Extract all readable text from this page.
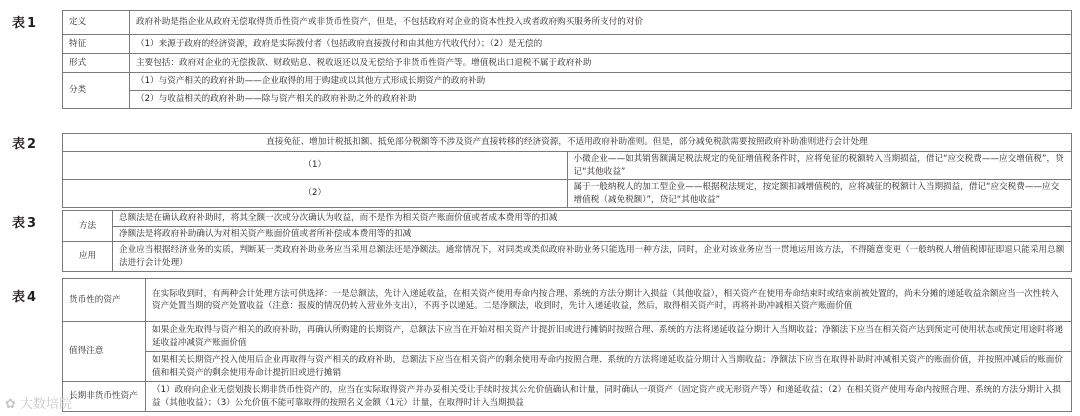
表1	定义	政府补助是指企业从政府无偿取得货币性资产或非货币性资产，但是，不包括政府对企业的资本性投入或者政府购买服务所支付的对价
特征	（1）来源于政府的经济资源，政府是实际拨付者（包括政府直接拨付和由其他方代收代付）；（2）是无偿的
形式	主要包括：政府对企业的无偿拨款、财政贴息、税收返还以及无偿给予非货币性资产等。增值税出口退税不属于政府补助
分类	（1）与资产相关的政府补助——企业取得的用于购建或以其他方式形成长期资产的政府补助
	（2）与收益相关的政府补助——除与资产相关的政府补助之外的政府补助
表2	直接免征、增加计税抵扣额、抵免部分税额等不涉及资产直接转移的经济资源，不适用政府补助准则。但是，部分减免税款需要按照政府补助准则进行会计处理	
（1）	小微企业——如其销售额满足税法规定的免征增值税条件时，应将免征的税额转入当期损益，借记“应交税费——应交增值税”，贷记“其他收益”
（2）	属于一般纳税人的加工型企业——根据税法规定，按定额扣减增值税的，应将减征的税额计入当期损益，借记“应交税费——应交增值税（减免税额）”，贷记“其他收益”
表3	方法	总额法是在确认政府补助时，将其全额一次或分次确认为收益，而不是作为相关资产账面价值或者成本费用等的扣减
	净额法是将政府补助确认为对相关资产账面价值或者所补偿成本费用等的扣减
应用	企业应当根据经济业务的实质，判断某一类政府补助业务应当采用总额法还是净额法。通常情况下，对同类或类似政府补助业务只能选用一种方法，同时，企业对该业务应当一贯地运用该方法，不得随意变更（一般纳税人增值税即征即退只能采用总额法进行会计处理）
表4	货币性的资产	在实际收到时，有两种会计处理方法可供选择：一是总额法，先计入递延收益，在相关资产使用寿命内按合理、系统的方法分期计入损益（其他收益），相关资产在使用寿命结束时或结束前被处置的，尚未分摊的递延收益余额应当一次性转入资产处置当期的资产处置收益（注意：报废的情况仍转入营业外支出），不再予以递延。二是净额法，收到时，先计入递延收益，然后，取得相关资产时，再将补助冲减相关资产账面价值
值得注意	如果企业先取得与资产相关的政府补助，再确认所购建的长期资产，总额法下应当在开始对相关资产计提折旧或进行摊销时按照合理、系统的方法将递延收益分期计入当期收益；净额法下应当在相关资产达到预定可使用状态或预定用途时将递延收益冲减资产账面价值
	如果相关长期资产投入使用后企业再取得与资产相关的政府补助，总额法下应当在相关资产的剩余使用寿命内按照合理、系统的方法将递延收益分期计入当期收益；净额法下应当在取得补助时冲减相关资产的账面价值，并按照冲减后的账面价值和相关资产的剩余使用寿命计提折旧或进行摊销
长期非货币性资产	（1）政府向企业无偿划拨长期非货币性资产的，应当在实际取得资产并办妥相关受让手续时按其公允价值确认和计量，同时确认一项资产（固定资产或无形资产等）和递延收益；（2）在相关资产使用寿命内按照合理、系统的方法分期计入损益（其他收益）；（3）公允价值不能可靠取得的按照名义金额（1元）计量，在取得时计入当期损益
✿ 大数培院
